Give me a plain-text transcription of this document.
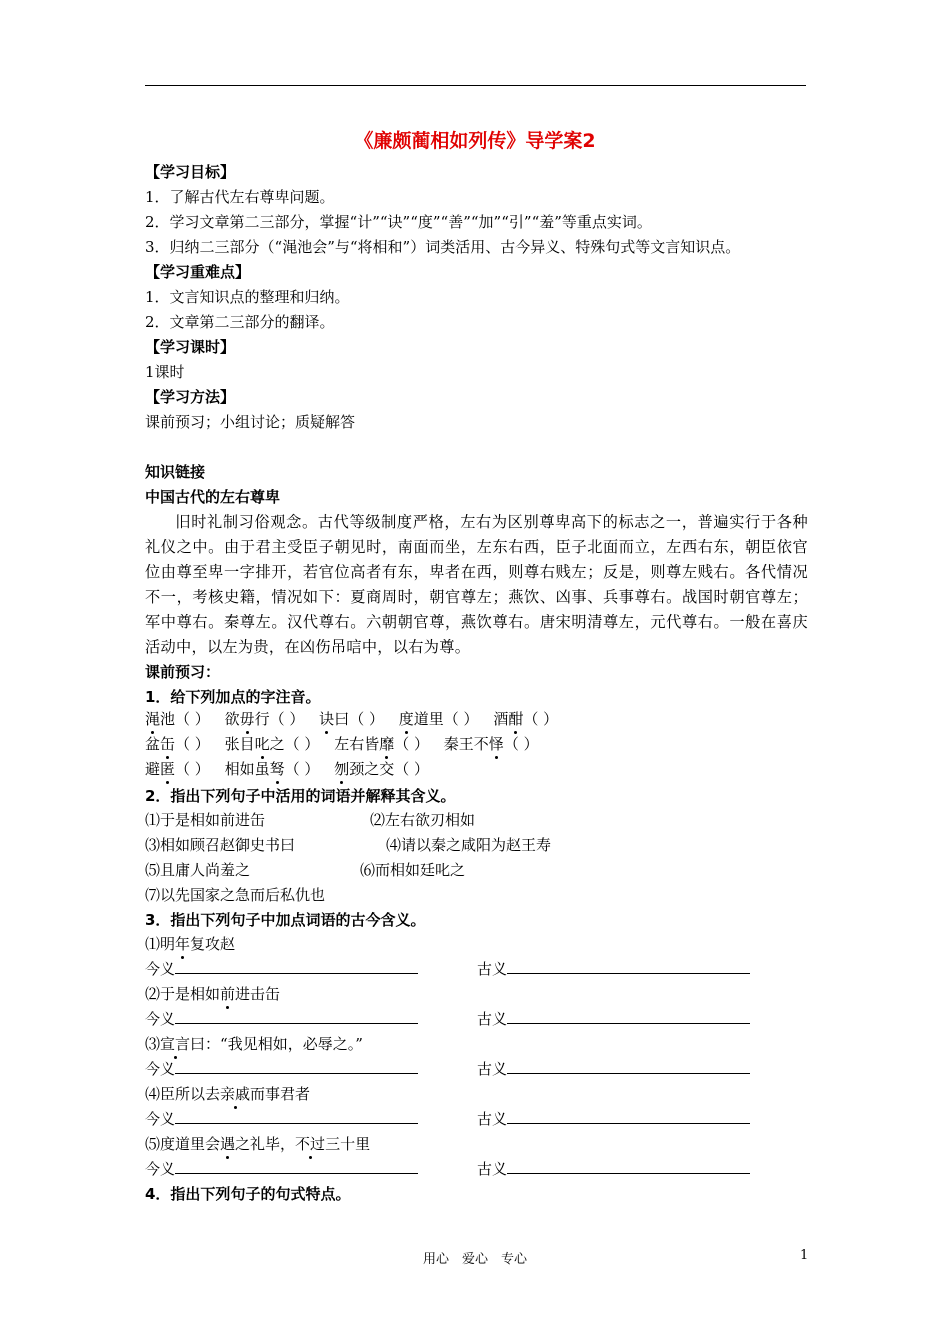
《廉颇蔺相如列传》导学案2
【学习目标】
1．了解古代左右尊卑问题。
2．学习文章第二三部分，掌握“计”“诀”“度”“善”“加”“引”“羞”等重点实词。
3．归纳二三部分（“渑池会”与“将相和”）词类活用、古今异义、特殊句式等文言知识点。
【学习重难点】
1．文言知识点的整理和归纳。
2．文章第二三部分的翻译。
【学习课时】
1课时
【学习方法】
课前预习；小组讨论；质疑解答
知识链接
中国古代的左右尊卑
旧时礼制习俗观念。古代等级制度严格，左右为区别尊卑高下的标志之一，普遍实行于各种礼仪之中。由于君主受臣子朝见时，南面而坐，左东右西，臣子北面而立，左西右东，朝臣依官位由尊至卑一字排开，若官位高者有东，卑者在西，则尊右贱左；反是，则尊左贱右。各代情况不一，考核史籍，情况如下：夏商周时，朝官尊左；燕饮、凶事、兵事尊右。战国时朝官尊左；军中尊右。秦尊左。汉代尊右。六朝朝官尊，燕饮尊右。唐宋明清尊左，元代尊右。一般在喜庆活动中，以左为贵，在凶伤吊唁中，以右为尊。
课前预习：
1．给下列加点的字注音。
渑池（ ） 欲毋行（ ） 诀曰（ ） 度道里（ ） 酒酣（ ）
盆缶（ ） 张目叱之（ ） 左右皆靡（ ） 秦王不怿（ ）
避匿（ ） 相如虽驽（ ） 刎颈之交（ ）
2．指出下列句子中活用的词语并解释其含义。
⑴于是相如前进缶	⑵左右欲刃相如
⑶相如顾召赵御史书曰	⑷请以秦之咸阳为赵王寿
⑸且庸人尚羞之	⑹而相如廷叱之
⑺以先国家之急而后私仇也
3．指出下列句子中加点词语的古今含义。
⑴明年复攻赵
今义	古义
⑵于是相如前进击缶
今义	古义
⑶宣言曰：“我见相如，必辱之。”
今义	古义
⑷臣所以去亲戚而事君者
今义	古义
⑸度道里会遇之礼毕，不过三十里
今义	古义
4．指出下列句子的句式特点。
用心　爱心　专心	1
